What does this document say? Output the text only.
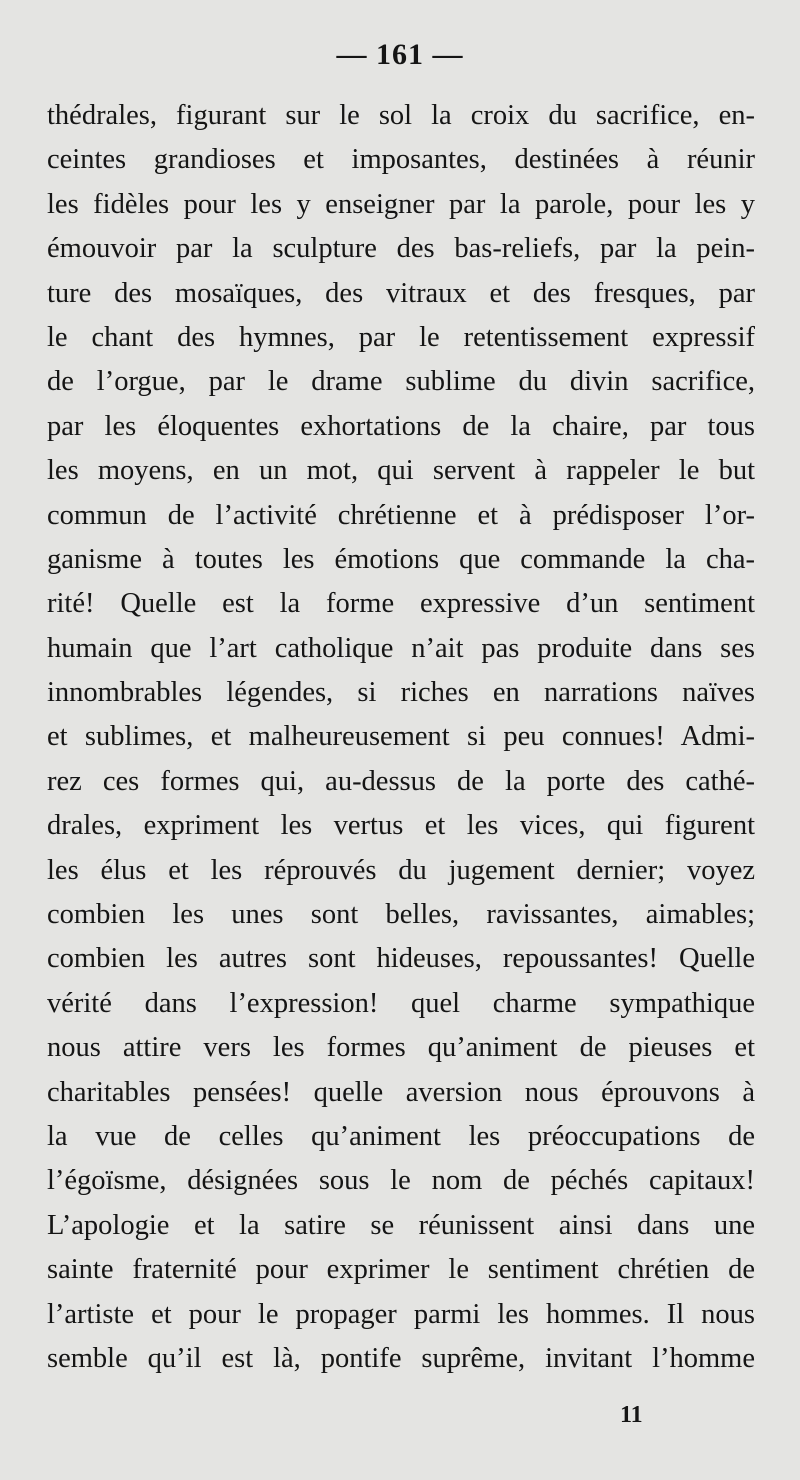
— 161 —
thédrales, figurant sur le sol la croix du sacrifice, en-
ceintes grandioses et imposantes, destinées à réunir
les fidèles pour les y enseigner par la parole, pour les y
émouvoir par la sculpture des bas-reliefs, par la pein-
ture des mosaïques, des vitraux et des fresques, par
le chant des hymnes, par le retentissement expressif
de l’orgue, par le drame sublime du divin sacrifice,
par les éloquentes exhortations de la chaire, par tous
les moyens, en un mot, qui servent à rappeler le but
commun de l’activité chrétienne et à prédisposer l’or-
ganisme à toutes les émotions que commande la cha-
rité! Quelle est la forme expressive d’un sentiment
humain que l’art catholique n’ait pas produite dans ses
innombrables légendes, si riches en narrations naïves
et sublimes, et malheureusement si peu connues! Admi-
rez ces formes qui, au-dessus de la porte des cathé-
drales, expriment les vertus et les vices, qui figurent
les élus et les réprouvés du jugement dernier; voyez
combien les unes sont belles, ravissantes, aimables;
combien les autres sont hideuses, repoussantes! Quelle
vérité dans l’expression! quel charme sympathique
nous attire vers les formes qu’animent de pieuses et
charitables pensées! quelle aversion nous éprouvons à
la vue de celles qu’animent les préoccupations de
l’égoïsme, désignées sous le nom de péchés capitaux!
L’apologie et la satire se réunissent ainsi dans une
sainte fraternité pour exprimer le sentiment chrétien de
l’artiste et pour le propager parmi les hommes. Il nous
semble qu’il est là, pontife suprême, invitant l’homme
11
